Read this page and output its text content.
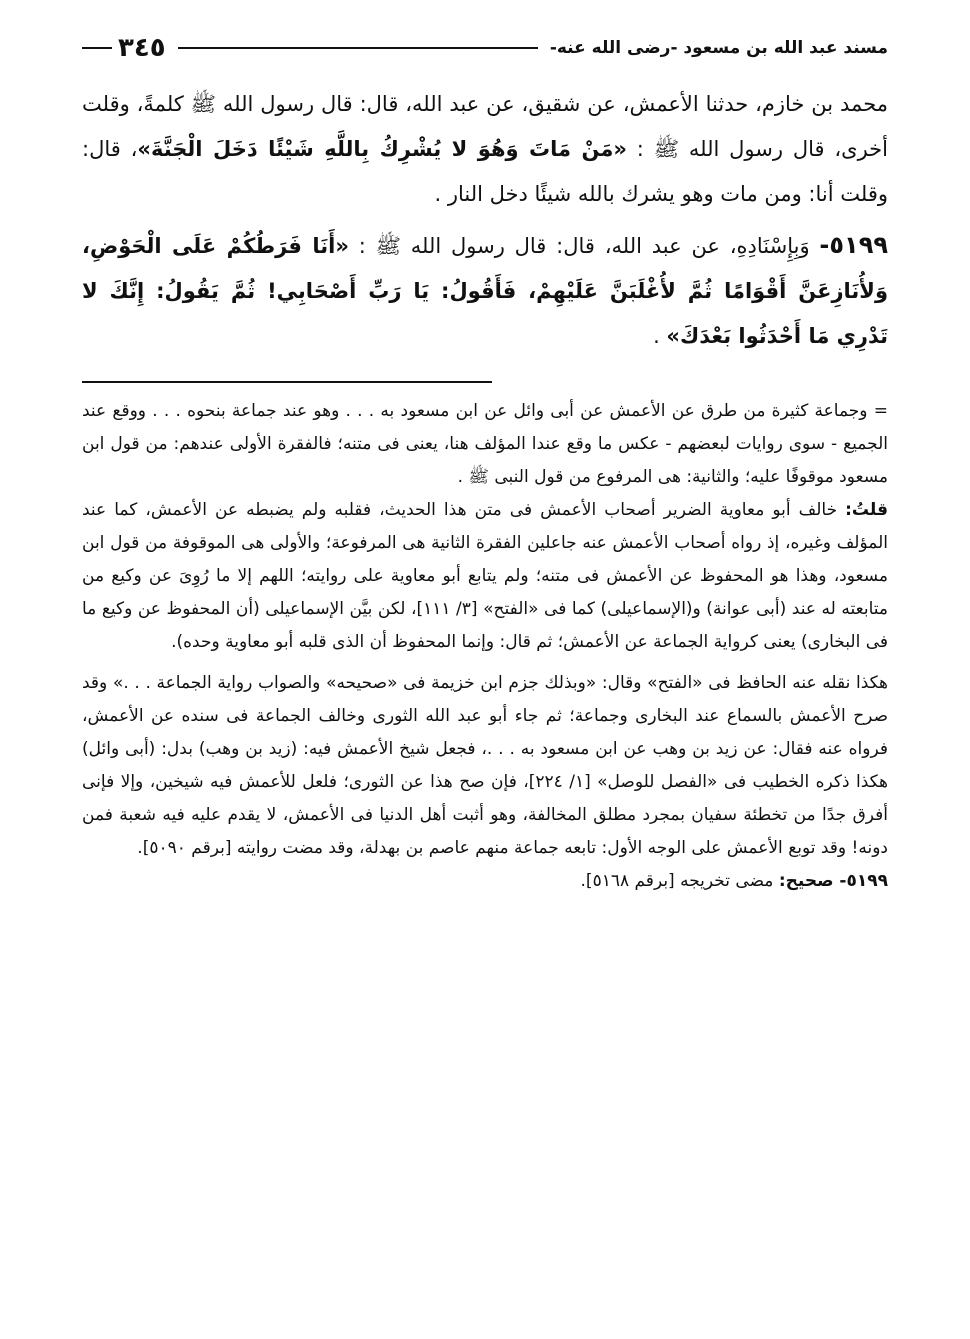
مسند عبد الله بن مسعود -رضى الله عنه-
٣٤٥

محمد بن خازم، حدثنا الأعمش، عن شقيق، عن عبد الله، قال: قال رسول الله ﷺ كلمةً، وقلت أخرى، قال رسول الله ﷺ : «مَنْ مَاتَ وَهُوَ لا يُشْرِكُ بِاللَّهِ شَيْئًا دَخَلَ الْجَنَّةَ»، قال: وقلت أنا: ومن مات وهو يشرك بالله شيئًا دخل النار .

٥١٩٩- وَبِإِسْنَادِهِ، عن عبد الله، قال: قال رسول الله ﷺ : «أَنَا فَرَطُكُمْ عَلَى الْحَوْضِ، وَلأُنَازِعَنَّ أَقْوَامًا ثُمَّ لأُغْلَبَنَّ عَلَيْهِمْ، فَأَقُولُ: يَا رَبِّ أَصْحَابِي! ثُمَّ يَقُولُ: إِنَّكَ لا تَدْرِي مَا أَحْدَثُوا بَعْدَكَ» .

= وجماعة كثيرة من طرق عن الأعمش عن أبى وائل عن ابن مسعود به . . . وهو عند جماعة بنحوه . . . ووقع عند الجميع - سوى روايات لبعضهم - عكس ما وقع عندا المؤلف هنا، يعنى فى متنه؛ فالفقرة الأولى عندهم: من قول ابن مسعود موقوفًا عليه؛ والثانية: هى المرفوع من قول النبى ﷺ .

قلتُ: خالف أبو معاوية الضرير أصحاب الأعمش فى متن هذا الحديث، فقلبه ولم يضبطه عن الأعمش، كما عند المؤلف وغيره، إذ رواه أصحاب الأعمش عنه جاعلين الفقرة الثانية هى المرفوعة؛ والأولى هى الموقوفة من قول ابن مسعود، وهذا هو المحفوظ عن الأعمش فى متنه؛ ولم يتابع أبو معاوية على روايته؛ اللهم إلا ما رُوِىَ عن وكيع من متابعته له عند (أبى عوانة) و(الإسماعيلى) كما فى «الفتح» [٣/ ١١١]، لكن بيَّن الإسماعيلى (أن المحفوظ عن وكيع ما فى البخارى) يعنى كرواية الجماعة عن الأعمش؛ ثم قال: وإنما المحفوظ أن الذى قلبه أبو معاوية وحده).

هكذا نقله عنه الحافظ فى «الفتح» وقال: «وبذلك جزم ابن خزيمة فى «صحيحه» والصواب رواية الجماعة . . .» وقد صرح الأعمش بالسماع عند البخارى وجماعة؛ ثم جاء أبو عبد الله الثورى وخالف الجماعة فى سنده عن الأعمش، فرواه عنه فقال: عن زيد بن وهب عن ابن مسعود به . . .، فجعل شيخ الأعمش فيه: (زيد بن وهب) بدل: (أبى وائل) هكذا ذكره الخطيب فى «الفصل للوصل» [١/ ٢٢٤]، فإن صح هذا عن الثورى؛ فلعل للأعمش فيه شيخين، وإلا فإنى أفرق جدًا من تخطئة سفيان بمجرد مطلق المخالفة، وهو أثبت أهل الدنيا فى الأعمش، لا يقدم عليه فيه شعبة فمن دونه! وقد توبع الأعمش على الوجه الأول: تابعه جماعة منهم عاصم بن بهدلة، وقد مضت روايته [برقم ٥٠٩٠].

٥١٩٩- صحيح: مضى تخريجه [برقم ٥١٦٨].
